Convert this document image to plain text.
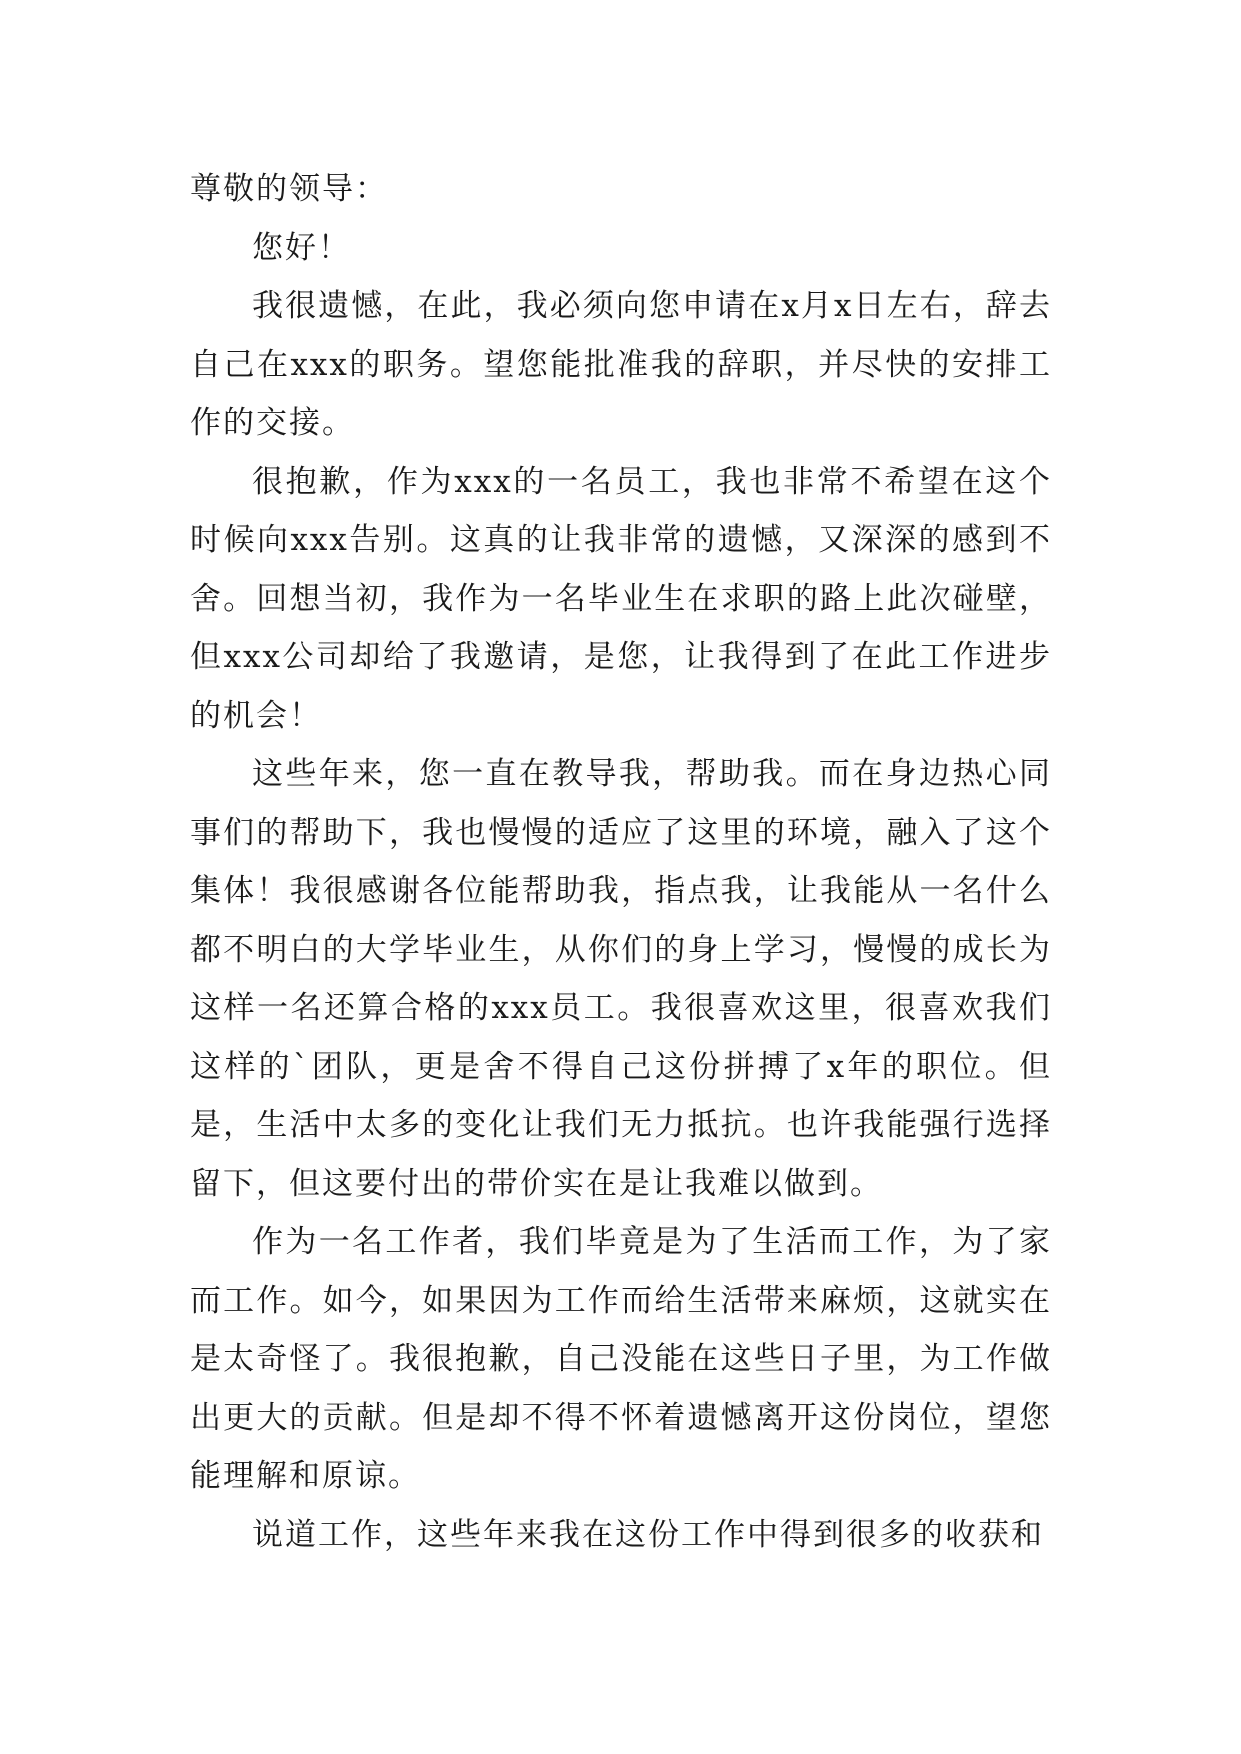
尊敬的领导：

您好！

我很遗憾，在此，我必须向您申请在x月x日左右，辞去自己在xxx的职务。望您能批准我的辞职，并尽快的安排工作的交接。

很抱歉，作为xxx的一名员工，我也非常不希望在这个时候向xxx告别。这真的让我非常的遗憾，又深深的感到不舍。回想当初，我作为一名毕业生在求职的路上此次碰壁，但xxx公司却给了我邀请，是您，让我得到了在此工作进步的机会！

这些年来，您一直在教导我，帮助我。而在身边热心同事们的帮助下，我也慢慢的适应了这里的环境，融入了这个集体！我很感谢各位能帮助我，指点我，让我能从一名什么都不明白的大学毕业生，从你们的身上学习，慢慢的成长为这样一名还算合格的xxx员工。我很喜欢这里，很喜欢我们这样的`团队，更是舍不得自己这份拼搏了x年的职位。但是，生活中太多的变化让我们无力抵抗。也许我能强行选择留下，但这要付出的带价实在是让我难以做到。

作为一名工作者，我们毕竟是为了生活而工作，为了家而工作。如今，如果因为工作而给生活带来麻烦，这就实在是太奇怪了。我很抱歉，自己没能在这些日子里，为工作做出更大的贡献。但是却不得不怀着遗憾离开这份岗位，望您能理解和原谅。

说道工作，这些年来我在这份工作中得到很多的收获和
